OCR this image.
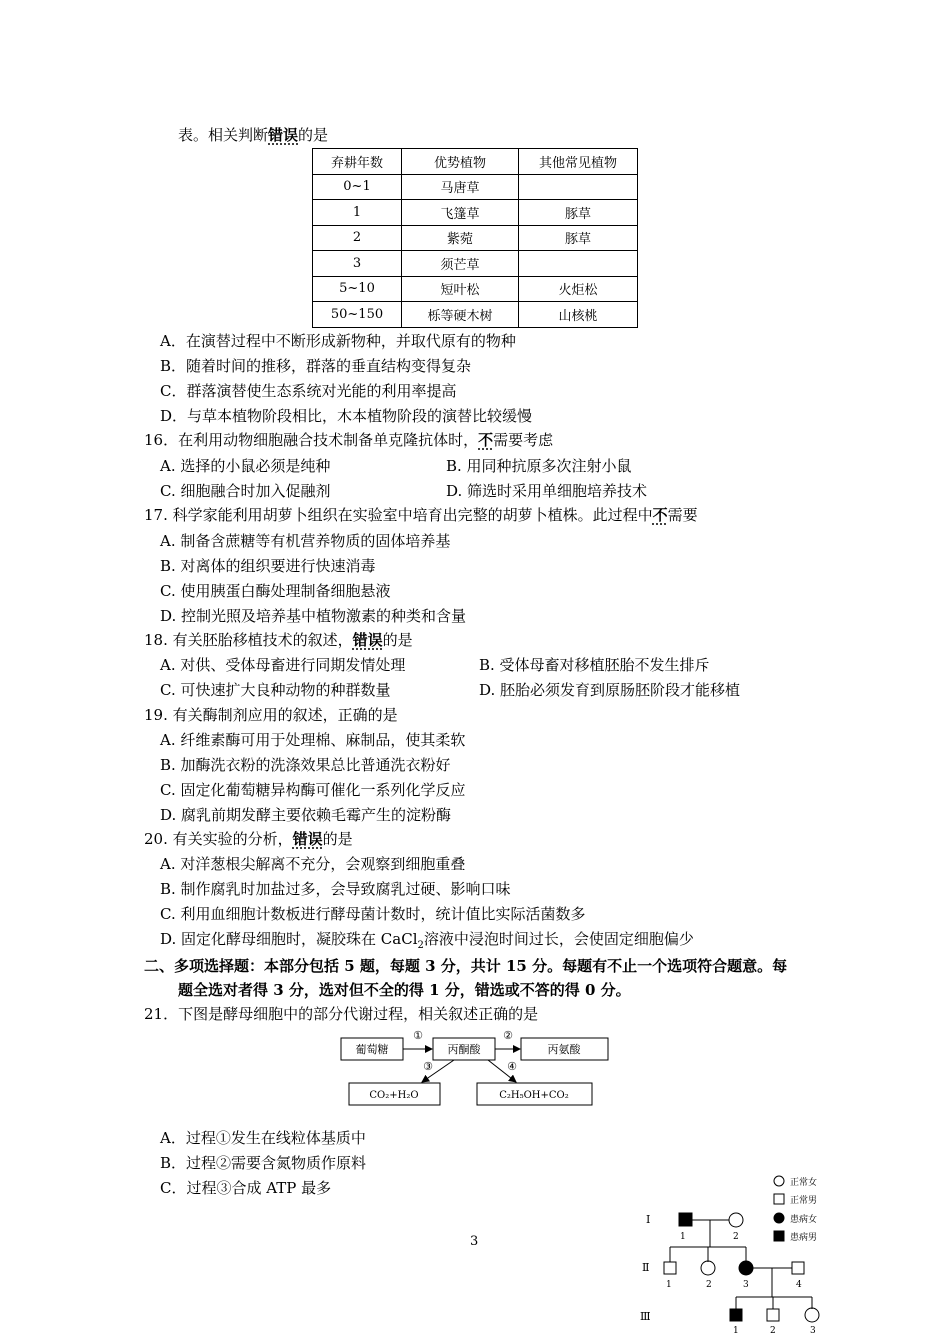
表。相关判断错误的是
弃耕年数	优势植物	其他常见植物
0~1	马唐草	
1	飞篷草	豚草
2	紫菀	豚草
3	须芒草	
5~10	短叶松	火炬松
50~150	栎等硬木树	山核桃
A．在演替过程中不断形成新物种，并取代原有的物种
B．随着时间的推移，群落的垂直结构变得复杂
C．群落演替使生态系统对光能的利用率提高
D．与草本植物阶段相比，木本植物阶段的演替比较缓慢
16．在利用动物细胞融合技术制备单克隆抗体时，不需要考虑
A. 选择的小鼠必须是纯种	B. 用同种抗原多次注射小鼠
C. 细胞融合时加入促融剂	D. 筛选时采用单细胞培养技术
17. 科学家能利用胡萝卜组织在实验室中培育出完整的胡萝卜植株。此过程中不需要
A. 制备含蔗糖等有机营养物质的固体培养基
B. 对离体的组织要进行快速消毒
C. 使用胰蛋白酶处理制备细胞悬液
D. 控制光照及培养基中植物激素的种类和含量
18. 有关胚胎移植技术的叙述，错误的是
A. 对供、受体母畜进行同期发情处理	B. 受体母畜对移植胚胎不发生排斥
C. 可快速扩大良种动物的种群数量	D. 胚胎必须发育到原肠胚阶段才能移植
19. 有关酶制剂应用的叙述，正确的是
A. 纤维素酶可用于处理棉、麻制品，使其柔软
B. 加酶洗衣粉的洗涤效果总比普通洗衣粉好
C. 固定化葡萄糖异构酶可催化一系列化学反应
D. 腐乳前期发酵主要依赖毛霉产生的淀粉酶
20. 有关实验的分析，错误的是
A. 对洋葱根尖解离不充分，会观察到细胞重叠
B. 制作腐乳时加盐过多，会导致腐乳过硬、影响口味
C. 利用血细胞计数板进行酵母菌计数时，统计值比实际活菌数多
D. 固定化酵母细胞时，凝胶珠在 CaCl$_2$溶液中浸泡时间过长，会使固定细胞偏少
二、多项选择题：本部分包括 5 题，每题 3 分，共计 15 分。每题有不止一个选项符合题意。每
题全选对者得 3 分，选对但不全的得 1 分，错选或不答的得 0 分。
21．下图是酵母细胞中的部分代谢过程，相关叙述正确的是
葡萄糖	丙酮酸	丙氨酸
CO₂+H₂O	C₂H₅OH+CO₂
①	②
③	④
A．过程①发生在线粒体基质中
B．过程②需要含氮物质作原料
C．过程③合成 ATP 最多
3
正常女
正常男
患病女
患病男
Ⅰ
Ⅱ
Ⅲ
1	2
1	2	3	4
1	2	3
